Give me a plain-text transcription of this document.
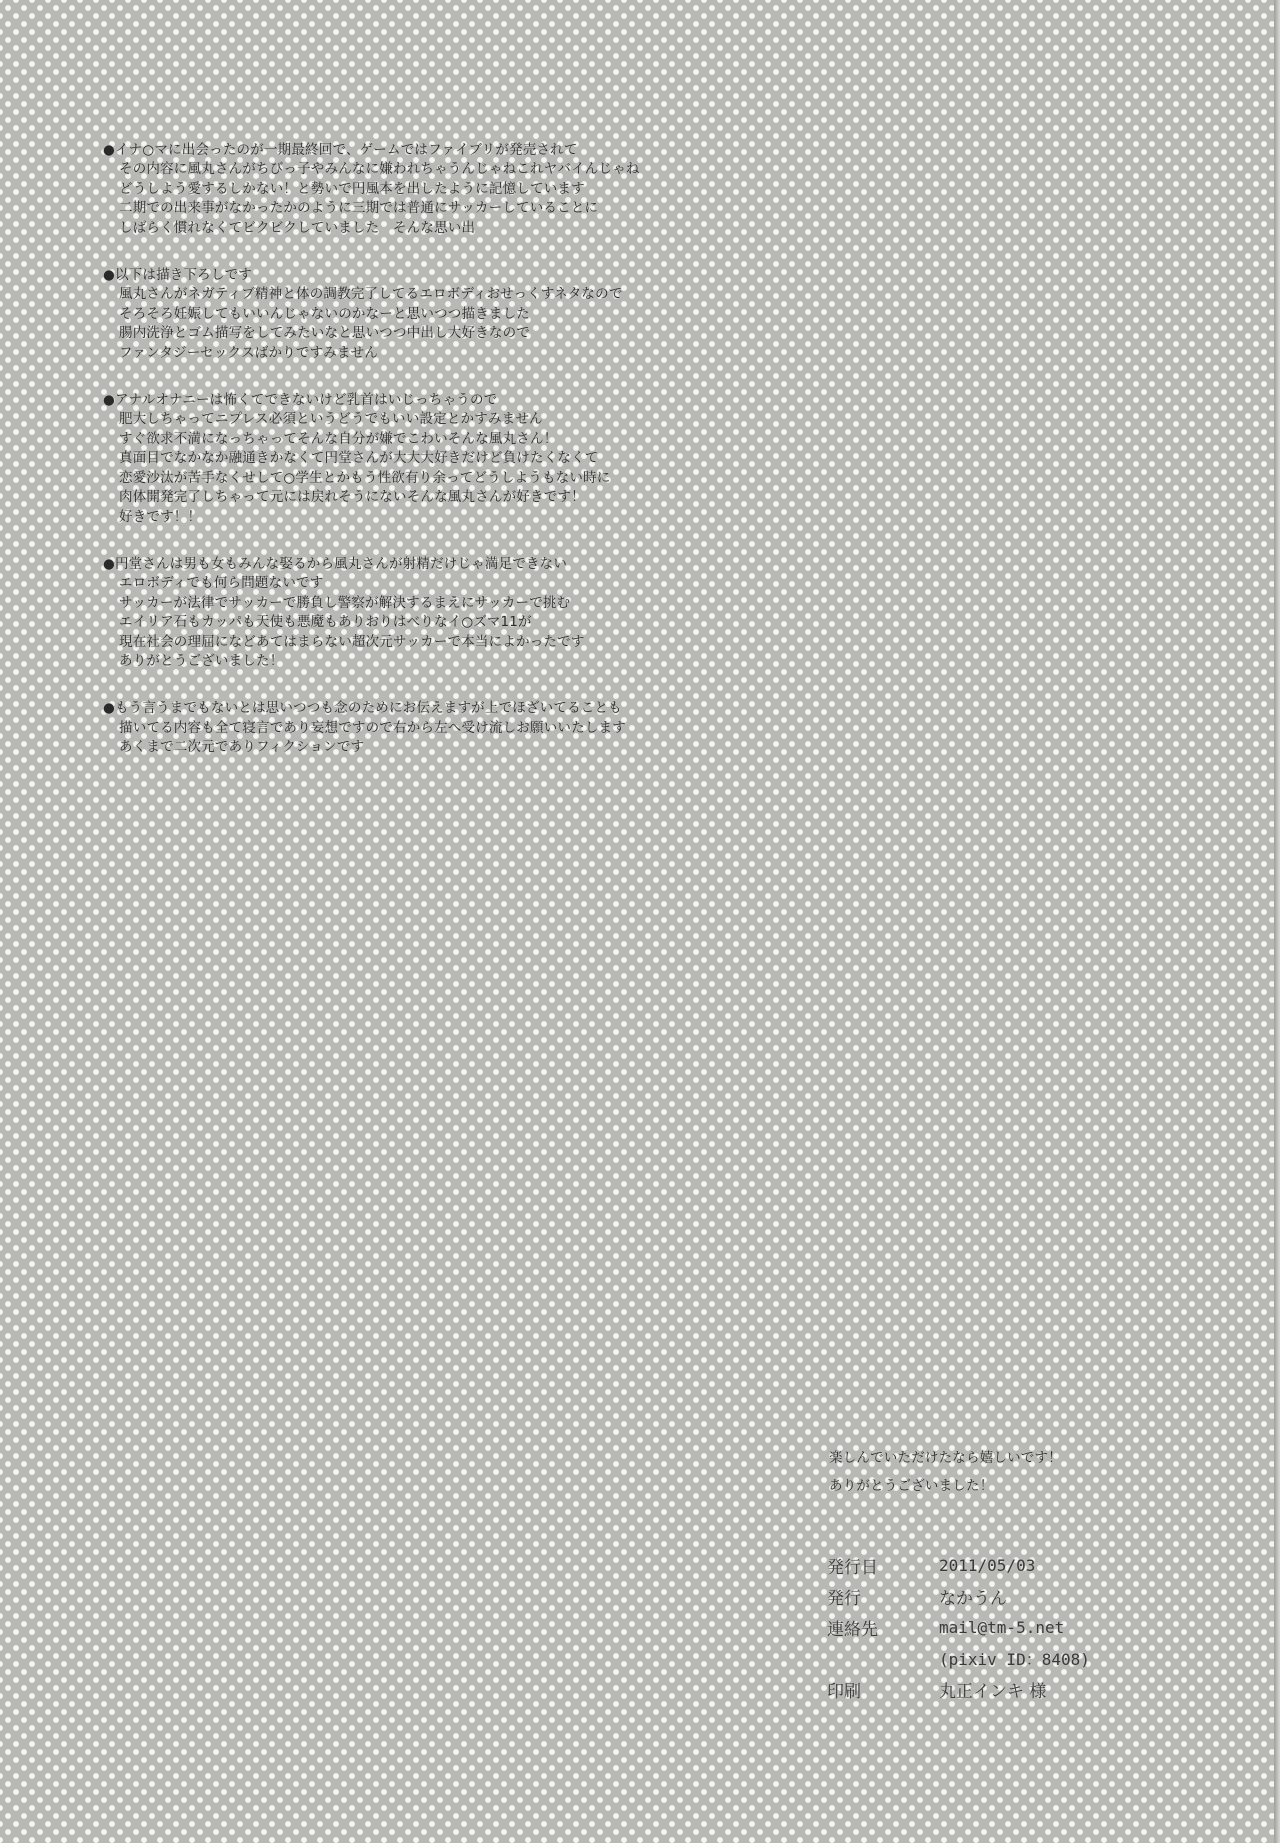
●イナ○マに出会ったのが一期最終回で、ゲームではファイブリが発売されて
その内容に風丸さんがちびっ子やみんなに嫌われちゃうんじゃねこれヤバイんじゃね
どうしよう愛するしかない！と勢いで円風本を出したように記憶しています
二期での出来事がなかったかのように三期では普通にサッカーしていることに
しばらく慣れなくてビクビクしていました　そんな思い出
●以下は描き下ろしです
風丸さんがネガティブ精神と体の調教完了してるエロボディおせっくすネタなので
そろそろ妊娠してもいいんじゃないのかなーと思いつつ描きました
腸内洗浄とゴム描写をしてみたいなと思いつつ中出し大好きなので
ファンタジーセックスばかりですみません
●アナルオナニーは怖くてできないけど乳首はいじっちゃうので
肥大しちゃってニプレス必須というどうでもいい設定とかすみません
すぐ欲求不満になっちゃってそんな自分が嫌でこわいそんな風丸さん！
真面目でなかなか融通きかなくて円堂さんが大大大好きだけど負けたくなくて
恋愛沙汰が苦手なくせして○学生とかもう性欲有り余ってどうしようもない時に
肉体開発完了しちゃって元には戻れそうにないそんな風丸さんが好きです！
好きです！！
●円堂さんは男も女もみんな娶るから風丸さんが射精だけじゃ満足できない
エロボディでも何ら問題ないです
サッカーが法律でサッカーで勝負し警察が解決するまえにサッカーで挑む
エイリア石もカッパも天使も悪魔もありおりはべりなイ○ズマ11が
現在社会の理屈になどあてはまらない超次元サッカーで本当によかったです
ありがとうございました！
●もう言うまでもないとは思いつつも念のためにお伝えますが上でほざいてることも
描いてる内容も全て寝言であり妄想ですので右から左へ受け流しお願いいたします
あくまで二次元でありフィクションです
楽しんでいただけたなら嬉しいです！
ありがとうございました！
発行日	2011/05/03
発行	なかうん
連絡先	mail@tm-5.net
(pixiv ID：8408)
印刷	丸正インキ 様
